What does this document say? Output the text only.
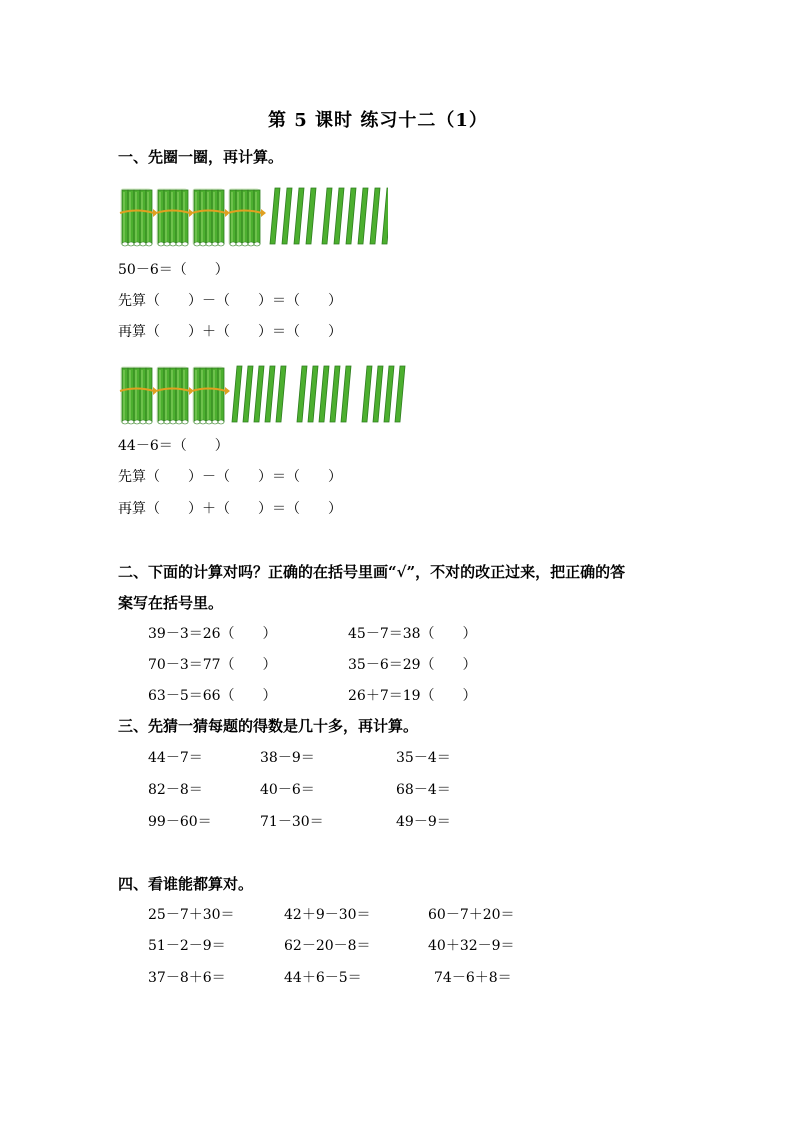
第 5 课时 练习十二（1）
一、先圈一圈，再计算。
50－6＝（　　）
先算（　　）－（　　）＝（　　）
再算（　　）＋（　　）＝（　　）
44－6＝（　　）
先算（　　）－（　　）＝（　　）
再算（　　）＋（　　）＝（　　）
二、下面的计算对吗？正确的在括号里画“√”，不对的改正过来，把正确的答
案写在括号里。
39－3＝26（　　）	45－7＝38（　　）
70－3＝77（　　）	35－6＝29（　　）
63－5＝66（　　）	26＋7＝19（　　）
三、先猜一猜每题的得数是几十多，再计算。
44－7＝	38－9＝	35－4＝
82－8＝	40－6＝	68－4＝
99－60＝	71－30＝	49－9＝
四、看谁能都算对。
25－7＋30＝	42＋9－30＝	60－7＋20＝
51－2－9＝	62－20－8＝	40＋32－9＝
37－8＋6＝	44＋6－5＝	74－6＋8＝
